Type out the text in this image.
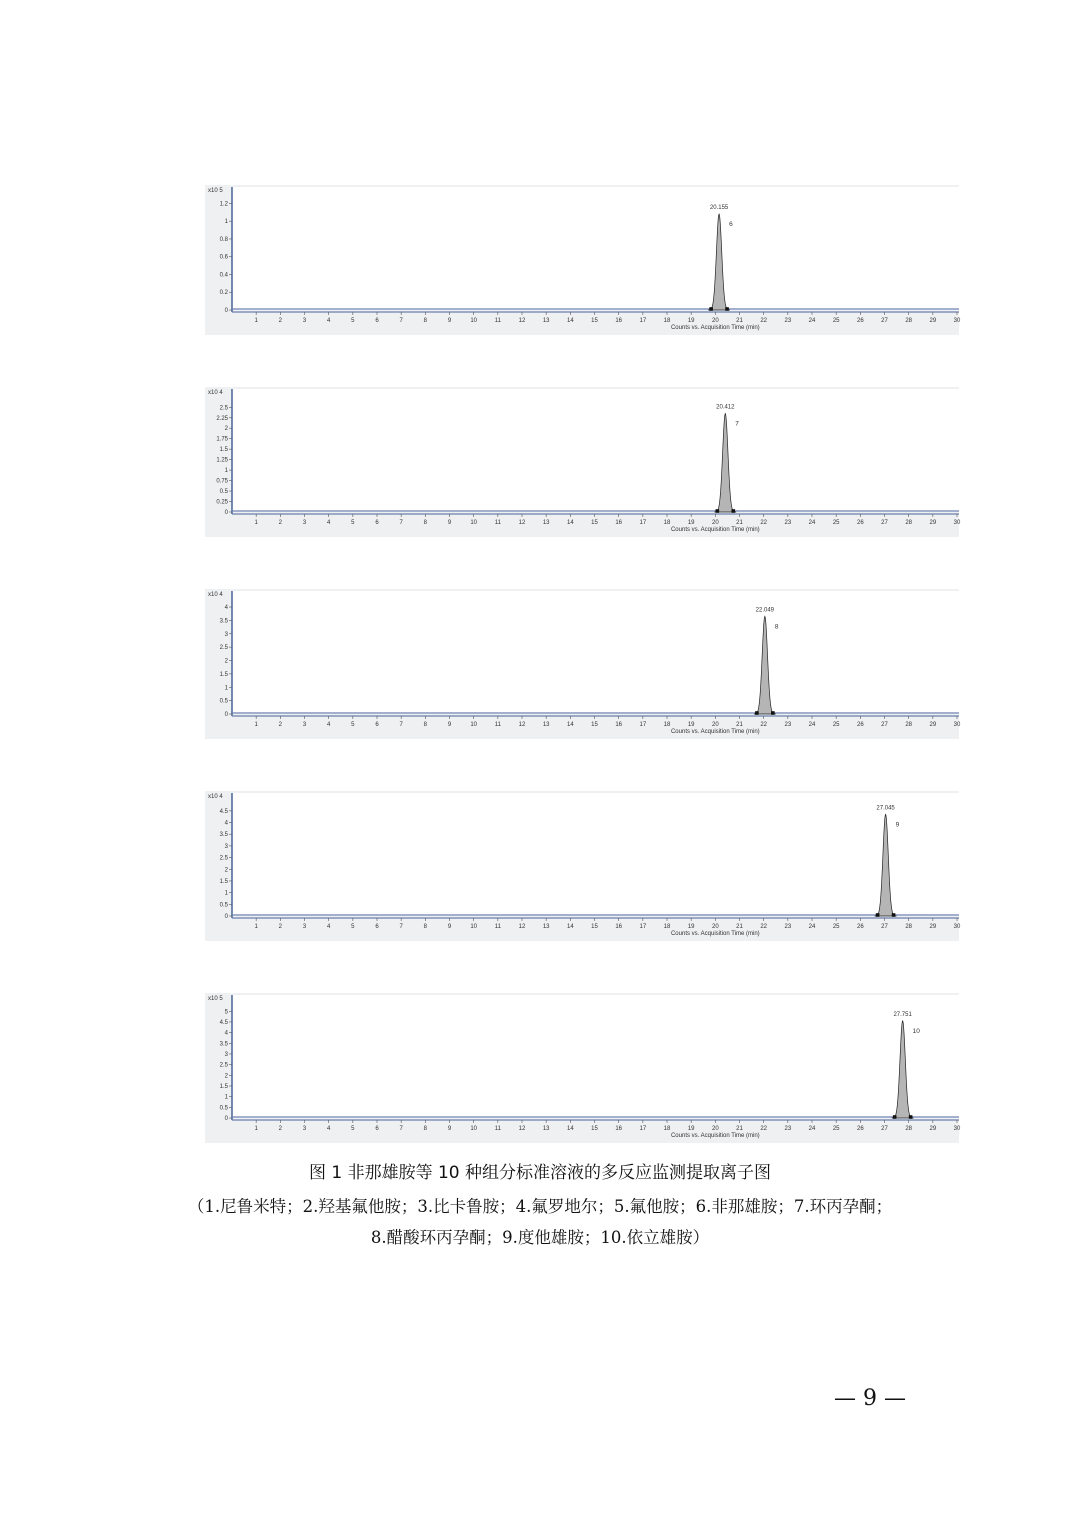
x10 5
0
0.2
0.4
0.6
0.8
1
1.2
1	2	3	4	5	6	7	8	9	10	11	12	13	14	15	16	17	18	19	20	21	22	23	24	25	26	27	28	29	30
Counts vs. Acquisition Time (min)
20.155
6
x10 4
0
0.25
0.5
0.75
1
1.25
1.5
1.75
2
2.25
2.5
1	2	3	4	5	6	7	8	9	10	11	12	13	14	15	16	17	18	19	20	21	22	23	24	25	26	27	28	29	30
Counts vs. Acquisition Time (min)
20.412
7
x10 4
0
0.5
1
1.5
2
2.5
3
3.5
4
1	2	3	4	5	6	7	8	9	10	11	12	13	14	15	16	17	18	19	20	21	22	23	24	25	26	27	28	29	30
Counts vs. Acquisition Time (min)
22.049
8
x10 4
0
0.5
1
1.5
2
2.5
3
3.5
4
4.5
1	2	3	4	5	6	7	8	9	10	11	12	13	14	15	16	17	18	19	20	21	22	23	24	25	26	27	28	29	30
Counts vs. Acquisition Time (min)
27.045
9
x10 5
0
0.5
1
1.5
2
2.5
3
3.5
4
4.5
5
1	2	3	4	5	6	7	8	9	10	11	12	13	14	15	16	17	18	19	20	21	22	23	24	25	26	27	28	29	30
Counts vs. Acquisition Time (min)
27.751
10
图 1 非那雄胺等 10 种组分标准溶液的多反应监测提取离子图
（1.尼鲁米特；2.羟基氟他胺；3.比卡鲁胺；4.氟罗地尔；5.氟他胺；6.非那雄胺；7.环丙孕酮；
8.醋酸环丙孕酮；9.度他雄胺；10.依立雄胺）
— 9 —
